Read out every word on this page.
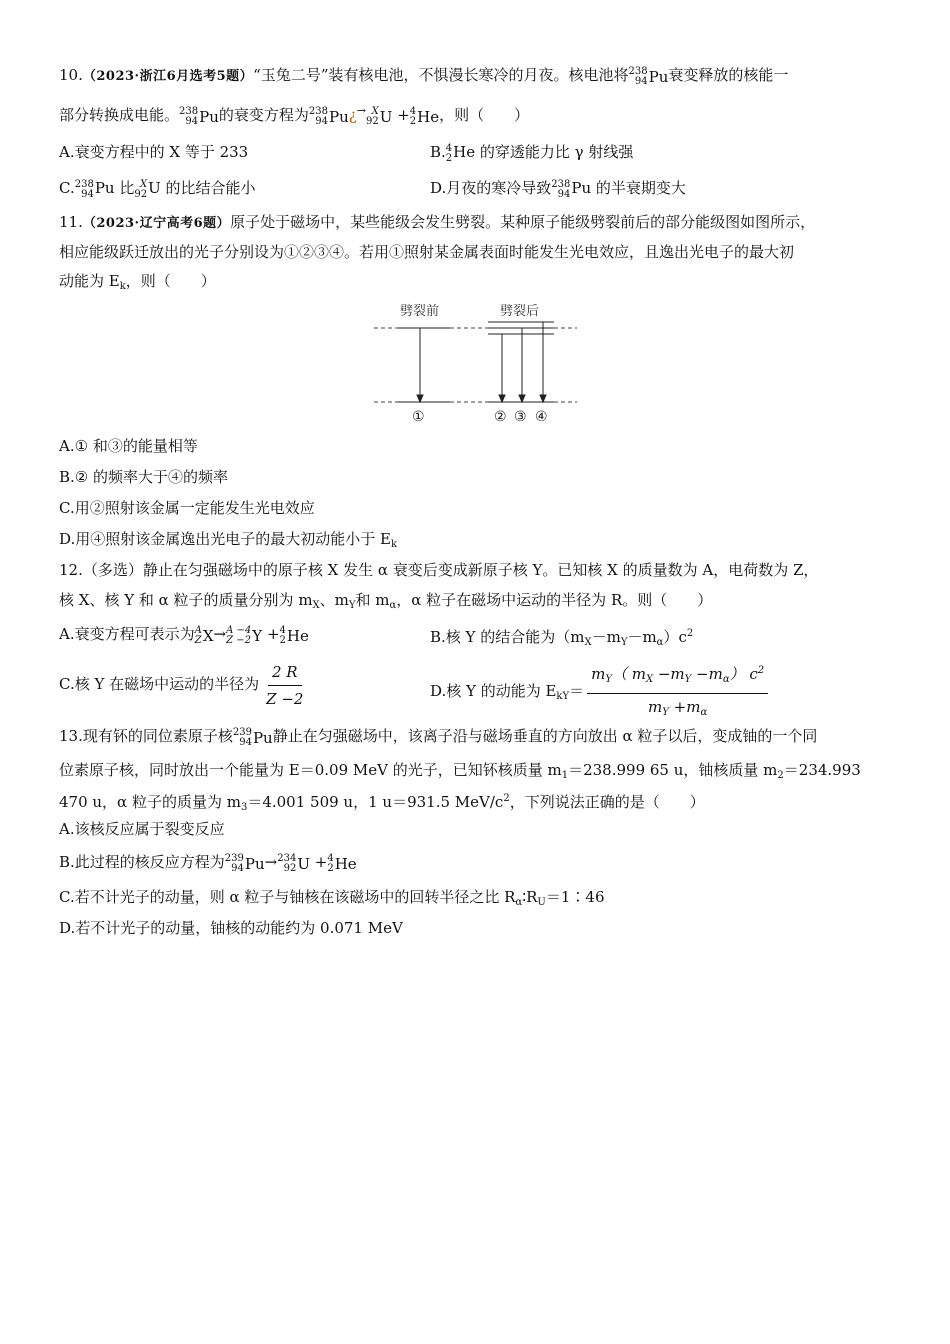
10.（2023·浙江6月选考5题）“玉兔二号”装有核电池，不惧漫长寒冷的月夜。核电池将 238
94 Pu衰变释放的核能一
部分转换成电能。 238
94 Pu的衰变方程为 238
94 Pu¿→ X
92 U + 4
2 He，则（　　）
A.衰变方程中的 X 等于 233	B. 4
2 He 的穿透能力比 γ 射线强
C. 238
94 Pu 比 X
92 U 的比结合能小	D.月夜的寒冷导致 238
94 Pu 的半衰期变大
11.（2023·辽宁高考6题）原子处于磁场中，某些能级会发生劈裂。某种原子能级劈裂前后的部分能级图如图所示，
相应能级跃迁放出的光子分别设为①②③④。若用①照射某金属表面时能发生光电效应，且逸出光电子的最大初
动能为 $E_k$，则（　　）
劈裂前	劈裂后
①	② ③ ④
A.① 和③的能量相等
B.② 的频率大于④的频率
C.用②照射该金属一定能发生光电效应
D.用④照射该金属逸出光电子的最大初动能小于 $E_k$
12.（多选）静止在匀强磁场中的原子核 X 发生 α 衰变后变成新原子核 Y。已知核 X 的质量数为 A，电荷数为 Z，
核 X、核 Y 和 α 粒子的质量分别为 $m_X$、$m_Y$和 $m_\alpha$，α 粒子在磁场中运动的半径为 R。则（　　）
A.衰变方程可表示为 A
Z X→ A −4
Z −2 Y + 4
2 He	B.核 Y 的结合能为$(m_X-m_Y-m_\alpha)c^2$
C.核 Y 在磁场中运动的半径为 $\frac{2 R}{Z -2}$	D.核 Y 的动能为 $E_{kY}= \frac{m_Y( m_X -m_Y -m_\alpha) c^2}{m_Y +m_\alpha}$
13.现有钚的同位素原子核 239
94 Pu静止在匀强磁场中，该离子沿与磁场垂直的方向放出 α 粒子以后，变成铀的一个同
位素原子核，同时放出一个能量为 E＝0.09 MeV 的光子，已知钚核质量 $m_1=238.999$ 65 u，铀核质量 $m_2=234.993$
470 u，α 粒子的质量为 $m_3=4.001$ 509 u，1 u＝931.5 MeV/$c^2$，下列说法正确的是（　　）
A.该核反应属于裂变反应
B.此过程的核反应方程为 239
94 Pu→ 234
92 U + 4
2 He
C.若不计光子的动量，则 α 粒子与铀核在该磁场中的回转半径之比 $R_\alpha∶R_U=1∶46$
D.若不计光子的动量，铀核的动能约为 0.071 MeV
